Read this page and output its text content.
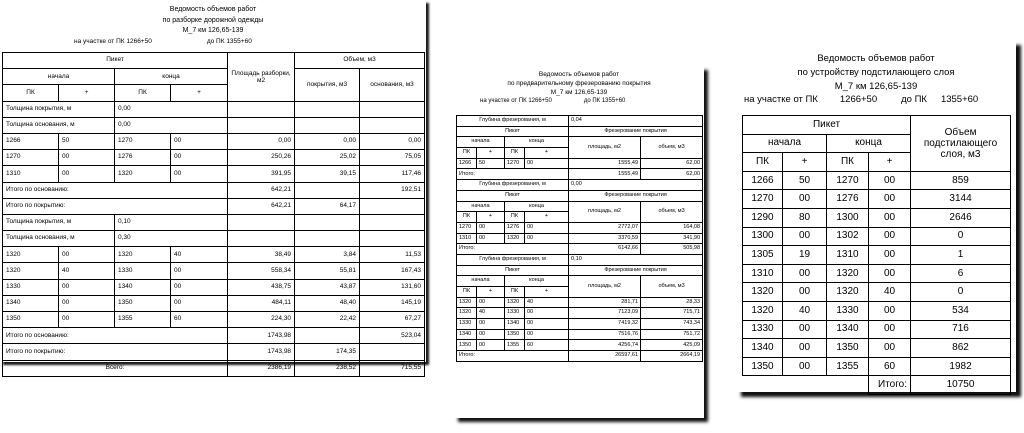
Ведомость объемов работ
по разборке дорожной одежды
М_7 км 126,65-139
на участке от ПК 1266+50	до ПК 1355+60
Пикет				Площадь разборки, м2	Объем, м3	
начала		конца			покрытия, м3	основания, м3
ПК	+	ПК	+			
Толщина покрытия, м		0,00				
Толщина основания, м		0,00				
1266	50	1270	00	0,00	0,00	0,00
1270	00	1276	00	250,26	25,02	75,05
1310	00	1320	00	391,95	39,15	117,46
Итого по основанию:				642,21		192,51
Итого по покрытию:				642,21	64,17	
Толщина покрытия, м		0,10				
Толщина основания, м		0,30				
1320	00	1320	40	38,49	3,84	11,53
1320	40	1330	00	558,34	55,81	167,43
1330	00	1340	00	438,75	43,87	131,60
1340	00	1350	00	484,11	48,40	145,19
1350	00	1355	60	224,30	22,42	67,27
Итого по основанию:				1743,98		523,04
Итого по покрытию:				1743,98	174,35	
Всего:				2386,19	238,52	715,55
Ведомость объемов работ
по предварительному фрезерованию покрытия
М_7 км 126,65-139
на участке от ПК 1266+50	до ПК 1355+60
Глубина фрезерования, м				0,04	
Пикет				Фрезерование покрытия	
начала		конца		площадь, м2	объем, м3
ПК	+	ПК	+		
1266	50	1270	00	1555,49	62,00
Итого:				1555,49	62,00
Глубина фрезерования, м				0,00	
Пикет				Фрезерование покрытия	
начала		конца		площадь, м2	объем, м3
ПК	+	ПК	+		
1270	00	1276	00	2772,07	164,08
1310	00	1320	00	3370,59	341,90
Итого:				6142,66	505,98
Глубина фрезерования, м				0,10	
Пикет				Фрезерование покрытия	
начала		конца		площадь, м2	объем, м3
ПК	+	ПК	+		
1320	00	1320	40	281,71	28,33
1320	40	1330	00	7123,09	715,71
1330	00	1340	00	7419,32	743,34
1340	00	1350	00	7516,76	751,72
1350	00	1355	60	4256,74	425,09
Итого:				26597,61	2664,19
Ведомость объемов работ
по устройству подстилающего слоя
М_7 км 126,65-139
на участке от ПК 1266+50	до ПК 1355+60
Пикет				Объем подстилающего слоя, м3
начала		конца		
ПК	+	ПК	+	
1266	50	1270	00	859
1270	00	1276	00	3144
1290	80	1300	00	2646
1300	00	1302	00	0
1305	19	1310	00	1
1310	00	1320	00	6
1320	00	1320	40	0
1320	40	1330	00	534
1330	00	1340	00	716
1340	00	1350	00	862
1350	00	1355	60	1982
			Итого:	10750
